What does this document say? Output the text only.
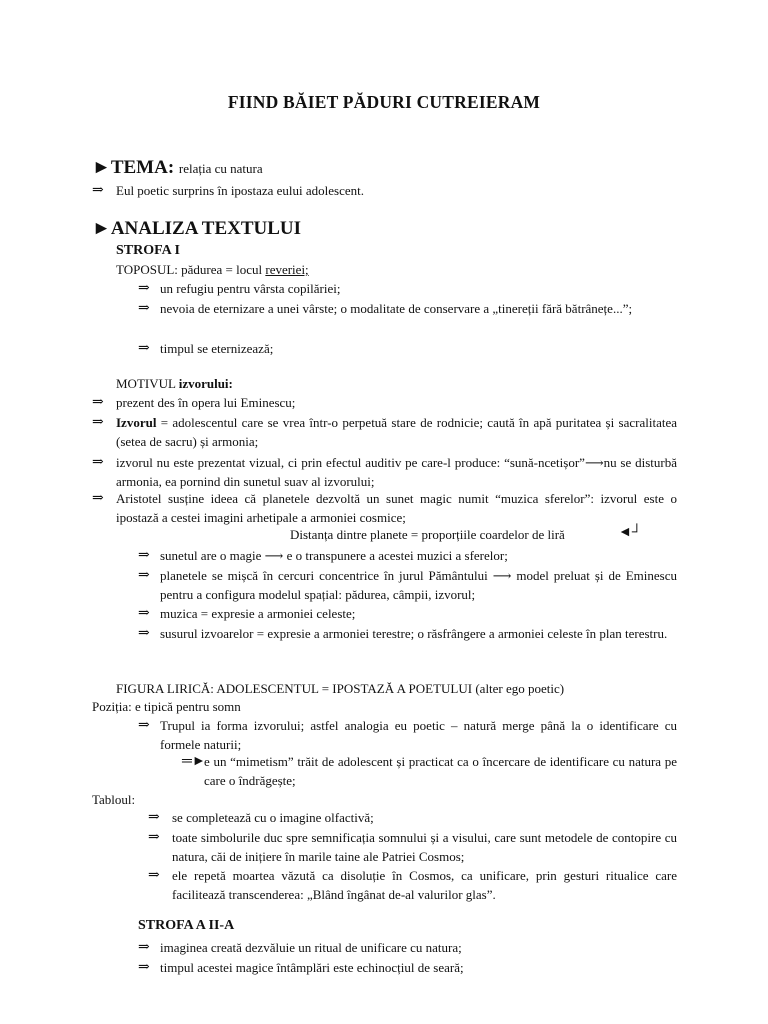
FIIND BĂIET PĂDURI CUTREIERAM
►TEMA: relația cu natura
⇒ Eul poetic surprins în ipostaza eului adolescent.
►ANALIZA TEXTULUI
STROFA I
TOPOSUL: pădurea = locul reveriei;
⇒ un refugiu pentru vârsta copilăriei;
⇒ nevoia de eternizare a unei vârste; o modalitate de conservare a „tinereții fără bătrânețe...”;
⇒ timpul se eternizează;
MOTIVUL izvorului:
⇒ prezent des în opera lui Eminescu;
⇒ Izvorul = adolescentul care se vrea într-o perpetuă stare de rodnicie; caută în apă puritatea și sacralitatea (setea de sacru) și armonia;
⇒ izvorul nu este prezentat vizual, ci prin efectul auditiv pe care-l produce: “sună-ncetișor”⟶nu se disturbă armonia, ea pornind din sunetul suav al izvorului;
⇒ Aristotel susține ideea că planetele dezvoltă un sunet magic numit “muzica sferelor”: izvorul este o ipostază a cestei imagini arhetipale a armoniei cosmice;
Distanța dintre planete = proporțiile coardelor de liră	◄┘
⇒ sunetul are o magie ⟶ e o transpunere a acestei muzici a sferelor;
⇒ planetele se mișcă în cercuri concentrice în jurul Pământului ⟶ model preluat și de Eminescu pentru a configura modelul spațial: pădurea, câmpii, izvorul;
⇒ muzica = expresie a armoniei celeste;
⇒ susurul izvoarelor = expresie a armoniei terestre; o răsfrângere a armoniei celeste în plan terestru.
FIGURA LIRICĂ: ADOLESCENTUL = IPOSTAZĂ A POETULUI (alter ego poetic)
Poziția: e tipică pentru somn
⇒ Trupul ia forma izvorului; astfel analogia eu poetic – natură merge până la o identificare cu formele naturii;
═►
e un “mimetism” trăit de adolescent și practicat ca o încercare de identificare cu natura pe care o îndrăgește;
Tabloul:
⇒ se completează cu o imagine olfactivă;
⇒ toate simbolurile duc spre semnificația somnului și a visului, care sunt metodele de contopire cu natura, căi de inițiere în marile taine ale Patriei Cosmos;
⇒ ele repetă moartea văzută ca disoluție în Cosmos, ca unificare, prin gesturi ritualice care facilitează transcenderea: „Blând îngânat de-al valurilor glas”.
STROFA A II-A
⇒ imaginea creată dezvăluie un ritual de unificare cu natura;
⇒ timpul acestei magice întâmplări este echinocțiul de seară;
